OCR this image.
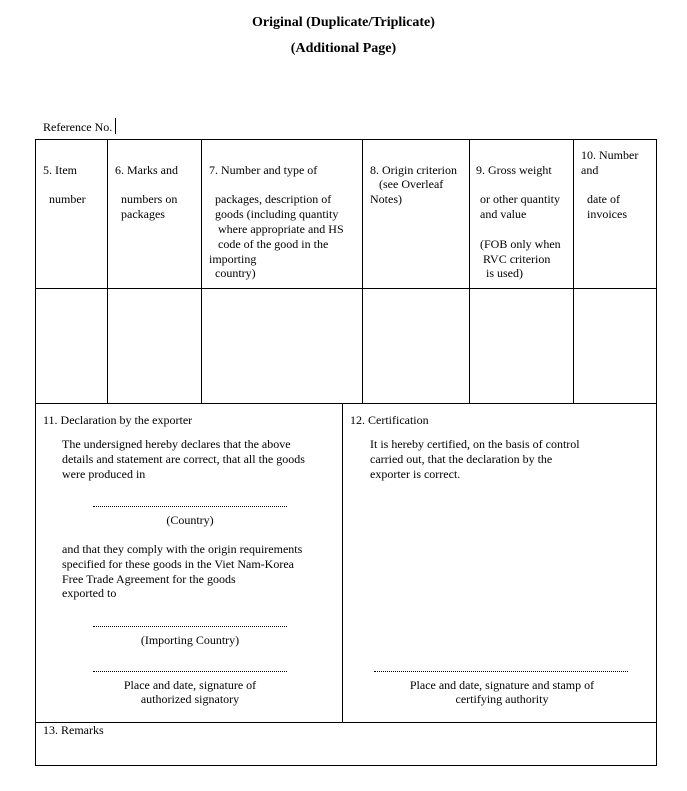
Original (Duplicate/Triplicate)
(Additional Page)
Reference No.
5. Item
number
6. Marks and
numbers on
packages
7. Number and type of
packages, description of
goods (including quantity
where appropriate and HS
code of the good in the
importing
country)
8. Origin criterion
(see Overleaf
Notes)
9. Gross weight
or other quantity
and value
(FOB only when
RVC criterion
is used)
10. Number
and
date of
invoices
11. Declaration by the exporter
The undersigned hereby declares that the above
details and statement are correct, that all the goods
were produced in
(Country)
and that they comply with the origin requirements
specified for these goods in the Viet Nam-Korea
Free Trade Agreement for the goods
exported to
(Importing Country)
Place and date, signature of
authorized signatory
12. Certification
It is hereby certified, on the basis of control
carried out, that the declaration by the
exporter is correct.
Place and date, signature and stamp of
certifying authority
13. Remarks
